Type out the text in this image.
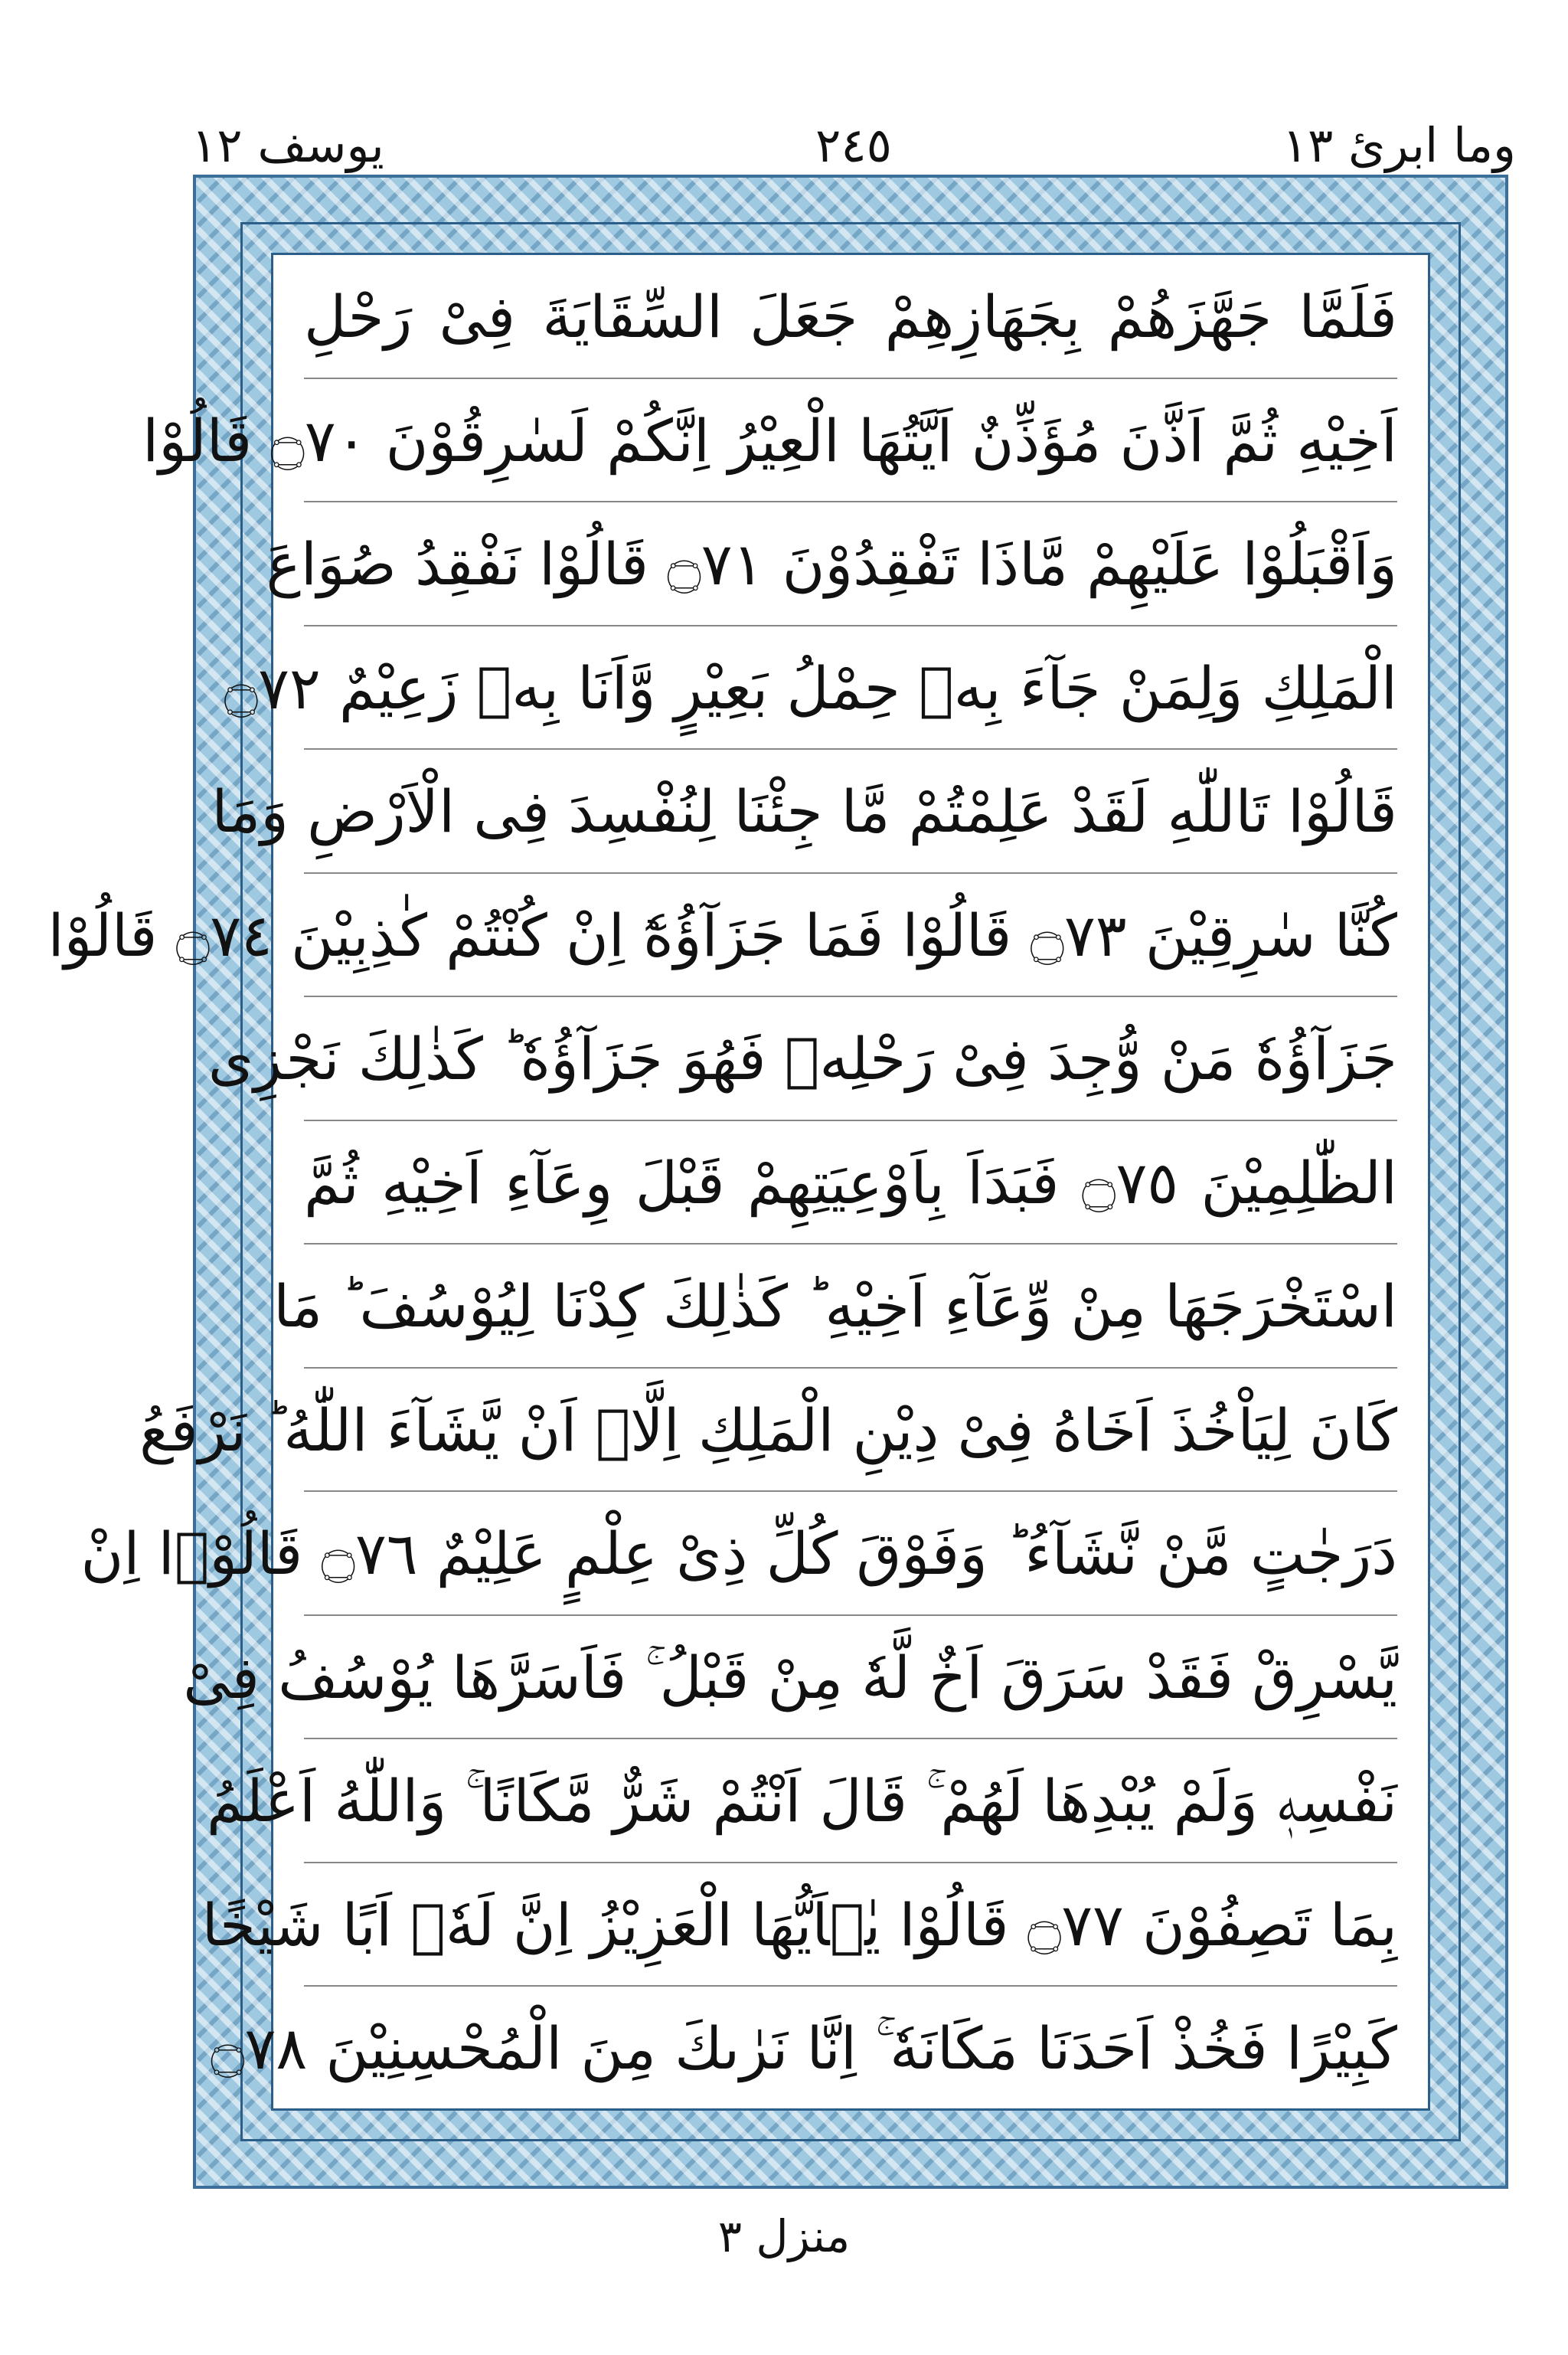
وما ابرئ ١٣
٢٤٥
يوسف ١٢
فَلَمَّا جَهَّزَهُمْ بِجَهَازِهِمْ جَعَلَ السِّقَايَةَ فِىْ رَحْلِ
اَخِيْهِ ثُمَّ اَذَّنَ مُؤَذِّنٌ اَيَّتُهَا الْعِيْرُ اِنَّكُمْ لَسٰرِقُوْنَ ۝٧٠ قَالُوْا
وَاَقْبَلُوْا عَلَيْهِمْ مَّاذَا تَفْقِدُوْنَ ۝٧١ قَالُوْا نَفْقِدُ صُوَاعَ
الْمَلِكِ وَلِمَنْ جَآءَ بِهٖ حِمْلُ بَعِيْرٍ وَّاَنَا بِهٖ زَعِيْمٌ ۝٧٢
قَالُوْا تَاللّٰهِ لَقَدْ عَلِمْتُمْ مَّا جِئْنَا لِنُفْسِدَ فِى الْاَرْضِ وَمَا
كُنَّا سٰرِقِيْنَ ۝٧٣ قَالُوْا فَمَا جَزَآؤُهٗٓ اِنْ كُنْتُمْ كٰذِبِيْنَ ۝٧٤ قَالُوْا
جَزَآؤُهٗ مَنْ وُّجِدَ فِىْ رَحْلِهٖ فَهُوَ جَزَآؤُهٗ ؕ كَذٰلِكَ نَجْزِى
الظّٰلِمِيْنَ ۝٧٥ فَبَدَاَ بِاَوْعِيَتِهِمْ قَبْلَ وِعَآءِ اَخِيْهِ ثُمَّ
اسْتَخْرَجَهَا مِنْ وِّعَآءِ اَخِيْهِ ؕ كَذٰلِكَ كِدْنَا لِيُوْسُفَ ؕ مَا
كَانَ لِيَاْخُذَ اَخَاهُ فِىْ دِيْنِ الْمَلِكِ اِلَّاۤ اَنْ يَّشَآءَ اللّٰهُ ؕ نَرْفَعُ
دَرَجٰتٍ مَّنْ نَّشَآءُ ؕ وَفَوْقَ كُلِّ ذِىْ عِلْمٍ عَلِيْمٌ ۝٧٦ قَالُوْۤا اِنْ
يَّسْرِقْ فَقَدْ سَرَقَ اَخٌ لَّهٗ مِنْ قَبْلُ ۚ فَاَسَرَّهَا يُوْسُفُ فِىْ
نَفْسِهٖ وَلَمْ يُبْدِهَا لَهُمْ ۚ قَالَ اَنْتُمْ شَرٌّ مَّكَانًا ۚ وَاللّٰهُ اَعْلَمُ
بِمَا تَصِفُوْنَ ۝٧٧ قَالُوْا يٰۤاَيُّهَا الْعَزِيْزُ اِنَّ لَهٗۤ اَبًا شَيْخًا
كَبِيْرًا فَخُذْ اَحَدَنَا مَكَانَهٗ ۚ اِنَّا نَرٰىكَ مِنَ الْمُحْسِنِيْنَ ۝٧٨
منزل ٣
